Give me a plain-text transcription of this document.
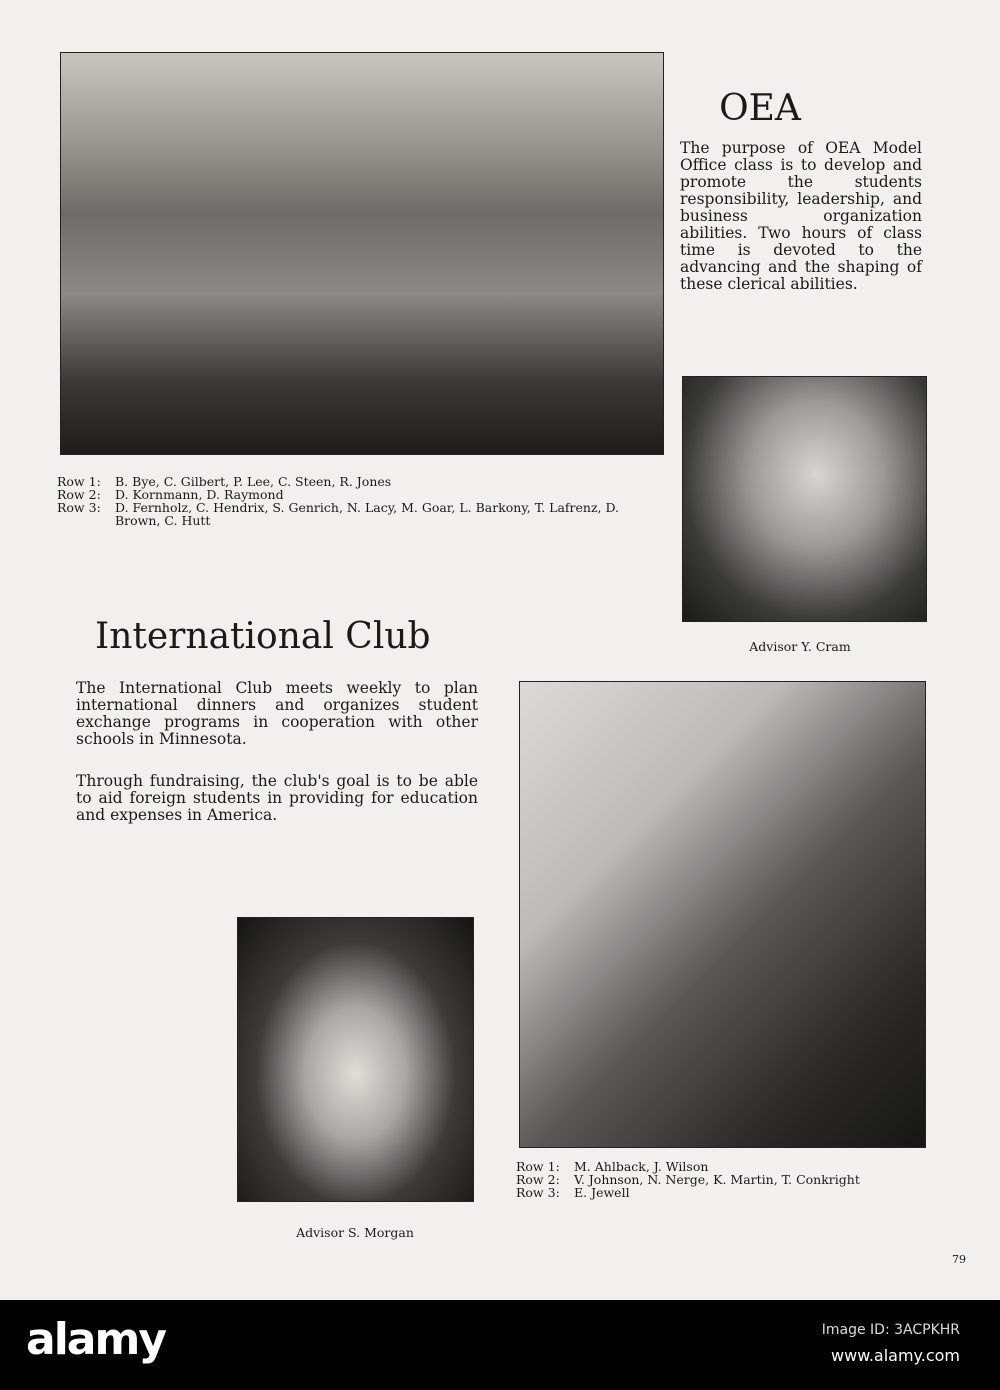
OEA
The purpose of OEA Model Office class is to develop and promote the students responsibility, leadership, and business organization abilities. Two hours of class time is devoted to the advancing and the shaping of these clerical abilities.
Row 1: B. Bye, C. Gilbert, P. Lee, C. Steen, R. Jones
Row 2: D. Kornmann, D. Raymond
Row 3:	D. Fernholz, C. Hendrix, S. Genrich, N. Lacy, M. Goar, L. Barkony, T. Lafrenz, D. Brown, C. Hutt
Advisor Y. Cram
International Club
The International Club meets weekly to plan international dinners and organizes student exchange programs in cooperation with other schools in Minnesota.
Through fundraising, the club's goal is to be able to aid foreign students in providing for education and expenses in America.
Row 1: M. Ahlback, J. Wilson
Row 2: V. Johnson, N. Nerge, K. Martin, T. Conkright
Row 3: E. Jewell
Advisor S. Morgan
79
alamy	Image ID: 3ACPKHR
www.alamy.com
